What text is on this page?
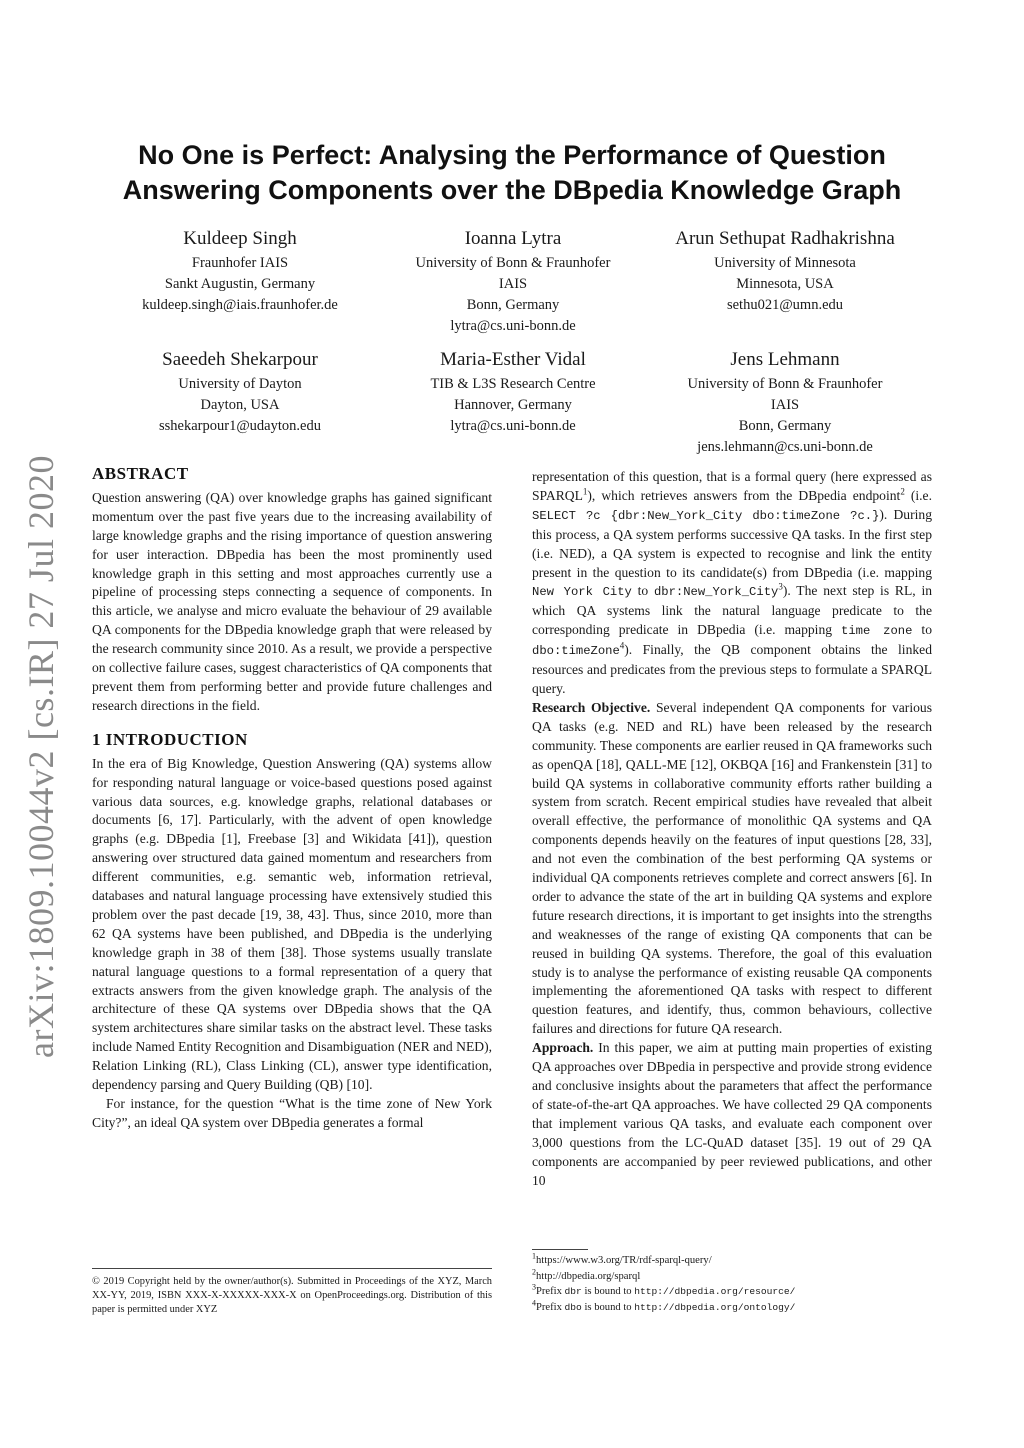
arXiv:1809.10044v2 [cs.IR] 27 Jul 2020
No One is Perfect: Analysing the Performance of Question Answering Components over the DBpedia Knowledge Graph
Kuldeep Singh
Fraunhofer IAIS
Sankt Augustin, Germany
kuldeep.singh@iais.fraunhofer.de
Ioanna Lytra
University of Bonn & Fraunhofer
IAIS
Bonn, Germany
lytra@cs.uni-bonn.de
Arun Sethupat Radhakrishna
University of Minnesota
Minnesota, USA
sethu021@umn.edu
Saeedeh Shekarpour
University of Dayton
Dayton, USA
sshekarpour1@udayton.edu
Maria-Esther Vidal
TIB & L3S Research Centre
Hannover, Germany
lytra@cs.uni-bonn.de
Jens Lehmann
University of Bonn & Fraunhofer
IAIS
Bonn, Germany
jens.lehmann@cs.uni-bonn.de
ABSTRACT

Question answering (QA) over knowledge graphs has gained significant momentum over the past five years due to the increasing availability of large knowledge graphs and the rising importance of question answering for user interaction. DBpedia has been the most prominently used knowledge graph in this setting and most approaches currently use a pipeline of processing steps connecting a sequence of components. In this article, we analyse and micro evaluate the behaviour of 29 available QA components for the DBpedia knowledge graph that were released by the research community since 2010. As a result, we provide a perspective on collective failure cases, suggest characteristics of QA components that prevent them from performing better and provide future challenges and research directions in the field.

1 INTRODUCTION

In the era of Big Knowledge, Question Answering (QA) systems allow for responding natural language or voice-based questions posed against various data sources, e.g. knowledge graphs, relational databases or documents [6, 17]. Particularly, with the advent of open knowledge graphs (e.g. DBpedia [1], Freebase [3] and Wikidata [41]), question answering over structured data gained momentum and researchers from different communities, e.g. semantic web, information retrieval, databases and natural language processing have extensively studied this problem over the past decade [19, 38, 43]. Thus, since 2010, more than 62 QA systems have been published, and DBpedia is the underlying knowledge graph in 38 of them [38]. Those systems usually translate natural language questions to a formal representation of a query that extracts answers from the given knowledge graph. The analysis of the architecture of these QA systems over DBpedia shows that the QA system architectures share similar tasks on the abstract level. These tasks include Named Entity Recognition and Disambiguation (NER and NED), Relation Linking (RL), Class Linking (CL), answer type identification, dependency parsing and Query Building (QB) [10].

For instance, for the question “What is the time zone of New York City?”, an ideal QA system over DBpedia generates a formal

representation of this question, that is a formal query (here expressed as SPARQL$^1$), which retrieves answers from the DBpedia endpoint$^2$ (i.e. SELECT ?c {dbr:New_York_City dbo:timeZone ?c.}). During this process, a QA system performs successive QA tasks. In the first step (i.e. NED), a QA system is expected to recognise and link the entity present in the question to its candidate(s) from DBpedia (i.e. mapping New York City to dbr:New_York_City$^3$). The next step is RL, in which QA systems link the natural language predicate to the corresponding predicate in DBpedia (i.e. mapping time zone to dbo:timeZone$^4$). Finally, the QB component obtains the linked resources and predicates from the previous steps to formulate a SPARQL query.

Research Objective. Several independent QA components for various QA tasks (e.g. NED and RL) have been released by the research community. These components are earlier reused in QA frameworks such as openQA [18], QALL-ME [12], OKBQA [16] and Frankenstein [31] to build QA systems in collaborative community efforts rather building a system from scratch. Recent empirical studies have revealed that albeit overall effective, the performance of monolithic QA systems and QA components depends heavily on the features of input questions [28, 33], and not even the combination of the best performing QA systems or individual QA components retrieves complete and correct answers [6]. In order to advance the state of the art in building QA systems and explore future research directions, it is important to get insights into the strengths and weaknesses of the range of existing QA components that can be reused in building QA systems. Therefore, the goal of this evaluation study is to analyse the performance of existing reusable QA components implementing the aforementioned QA tasks with respect to different question features, and identify, thus, common behaviours, collective failures and directions for future QA research.

Approach. In this paper, we aim at putting main properties of existing QA approaches over DBpedia in perspective and provide strong evidence and conclusive insights about the parameters that affect the performance of state-of-the-art QA approaches. We have collected 29 QA components that implement various QA tasks, and evaluate each component over 3,000 questions from the LC-QuAD dataset [35]. 19 out of 29 QA components are accompanied by peer reviewed publications, and other 10

© 2019 Copyright held by the owner/author(s). Submitted in Proceedings of the XYZ, March XX-YY, 2019, ISBN XXX-X-XXXXX-XXX-X on OpenProceedings.org. Distribution of this paper is permitted under XYZ
$^1$https://www.w3.org/TR/rdf-sparql-query/
$^2$http://dbpedia.org/sparql
$^3$Prefix dbr is bound to http://dbpedia.org/resource/
$^4$Prefix dbo is bound to http://dbpedia.org/ontology/
